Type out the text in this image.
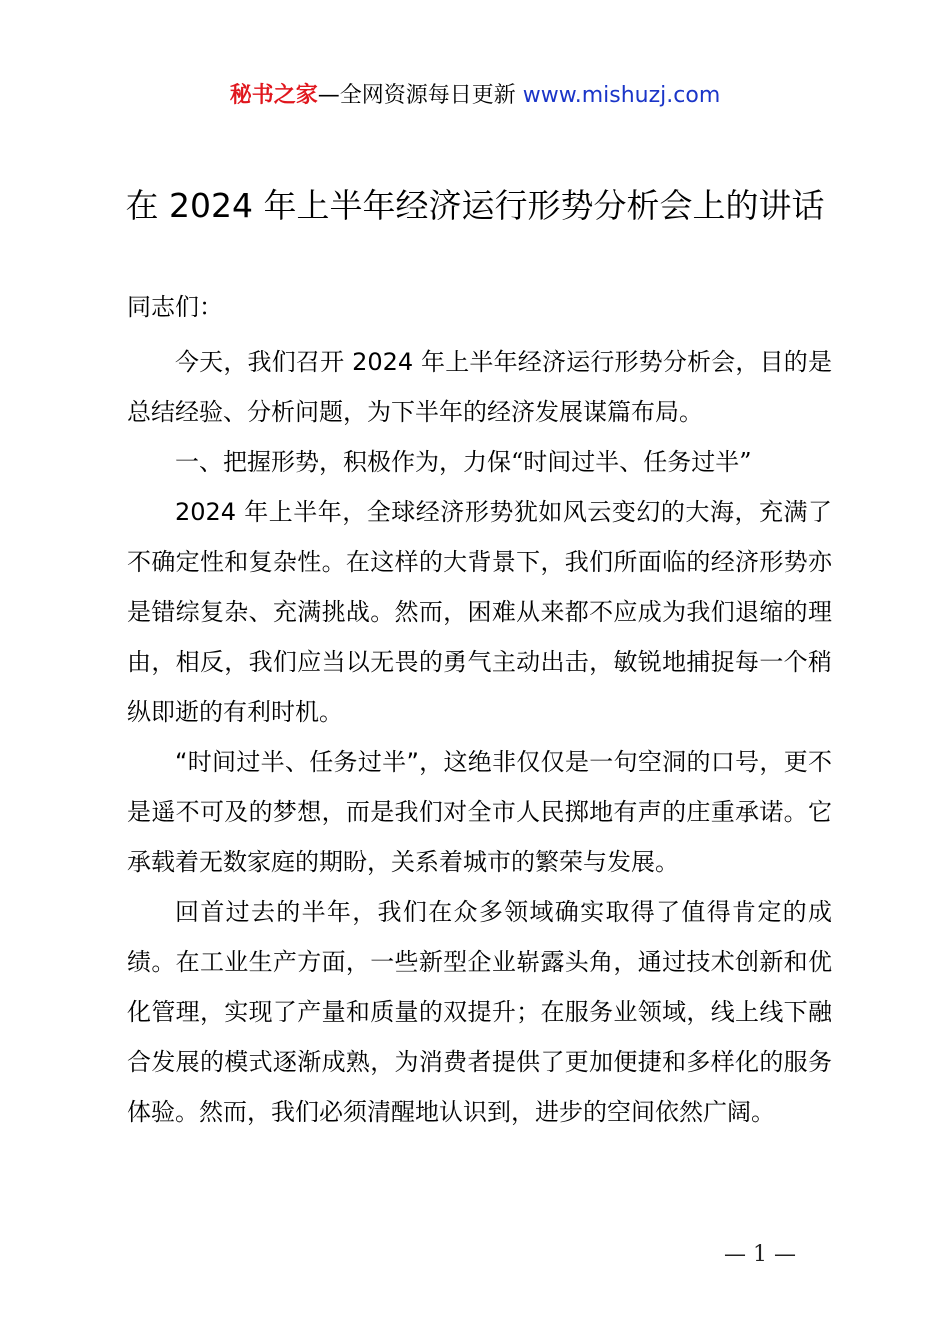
秘书之家—全网资源每日更新 www.mishuzj.com
在 2024 年上半年经济运行形势分析会上的讲话
同志们：

今天，我们召开 2024 年上半年经济运行形势分析会，目的是总结经验、分析问题，为下半年的经济发展谋篇布局。

一、把握形势，积极作为，力保“时间过半、任务过半”

2024 年上半年，全球经济形势犹如风云变幻的大海，充满了不确定性和复杂性。在这样的大背景下，我们所面临的经济形势亦是错综复杂、充满挑战。然而，困难从来都不应成为我们退缩的理由，相反，我们应当以无畏的勇气主动出击，敏锐地捕捉每一个稍纵即逝的有利时机。

“时间过半、任务过半”，这绝非仅仅是一句空洞的口号，更不是遥不可及的梦想，而是我们对全市人民掷地有声的庄重承诺。它承载着无数家庭的期盼，关系着城市的繁荣与发展。

回首过去的半年，我们在众多领域确实取得了值得肯定的成绩。在工业生产方面，一些新型企业崭露头角，通过技术创新和优化管理，实现了产量和质量的双提升；在服务业领域，线上线下融合发展的模式逐渐成熟，为消费者提供了更加便捷和多样化的服务体验。然而，我们必须清醒地认识到，进步的空间依然广阔。

— 1 —
